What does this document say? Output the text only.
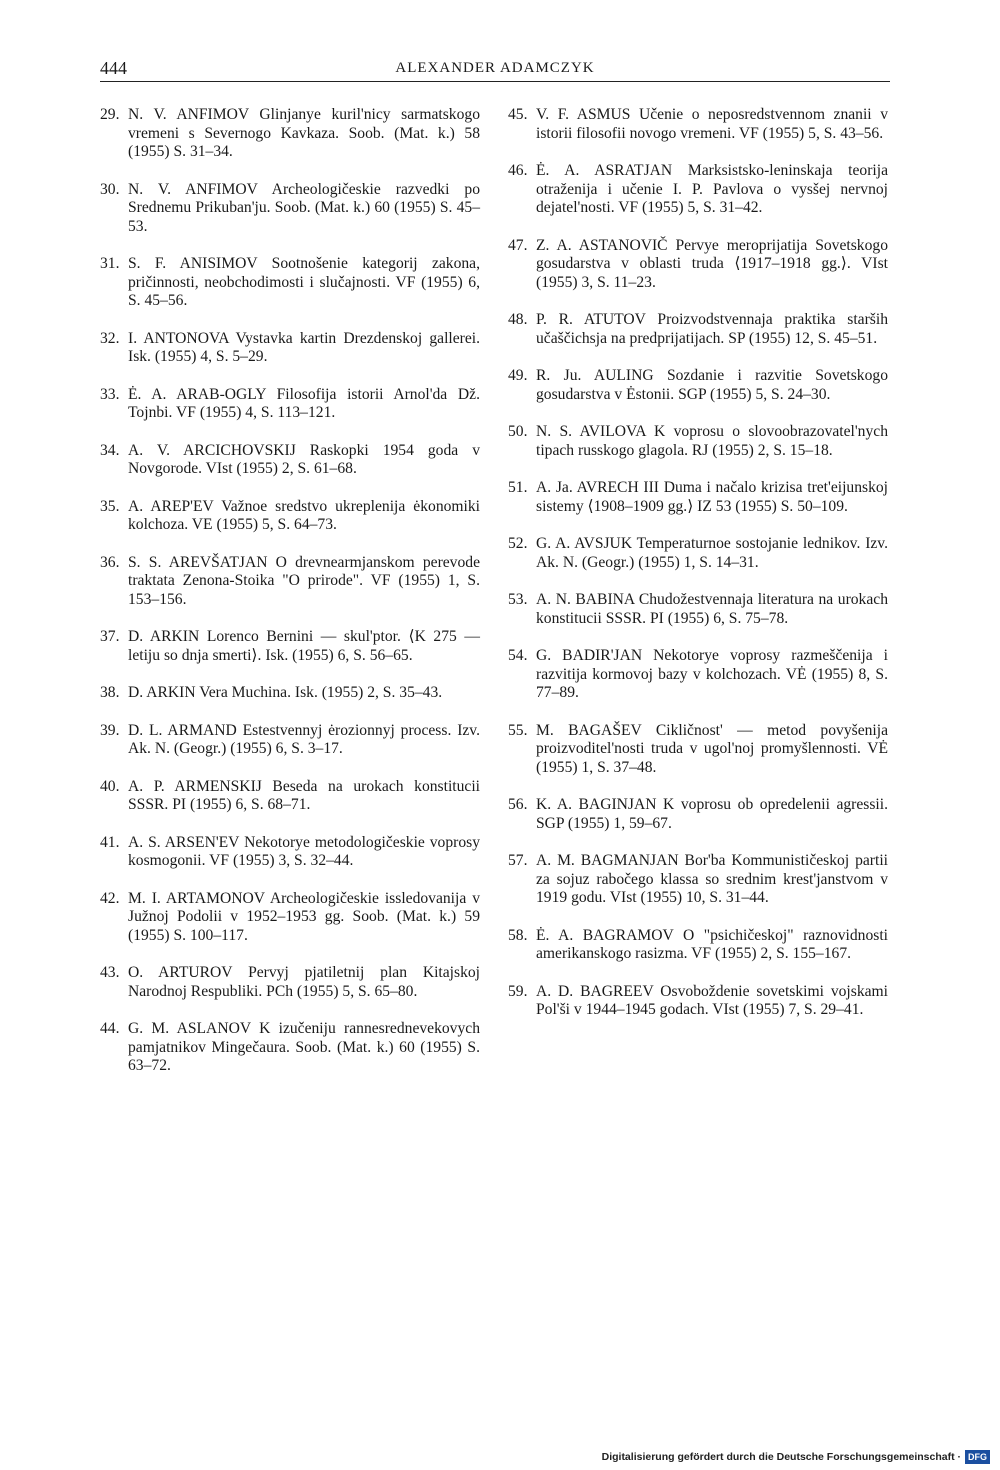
444	ALEXANDER ADAMCZYK

29. N. V. ANFIMOV Glinjanye kuril'nicy sarmatskogo vremeni s Severnogo Kavkaza. Soob. (Mat. k.) 58 (1955) S. 31–34.

30. N. V. ANFIMOV Archeologičeskie razvedki po Srednemu Prikuban'ju. Soob. (Mat. k.) 60 (1955) S. 45–53.

31. S. F. ANISIMOV Sootnošenie kategorij zakona, pričinnosti, neobchodimosti i slučajnosti. VF (1955) 6, S. 45–56.

32. I. ANTONOVA Vystavka kartin Drezdenskoj gallerei. Isk. (1955) 4, S. 5–29.

33. Ė. A. ARAB-OGLY Filosofija istorii Arnol'da Dž. Tojnbi. VF (1955) 4, S. 113–121.

34. A. V. ARCICHOVSKIJ Raskopki 1954 goda v Novgorode. VIst (1955) 2, S. 61–68.

35. A. AREP'EV Važnoe sredstvo ukreplenija ėkonomiki kolchoza. VE (1955) 5, S. 64–73.

36. S. S. AREVŠATJAN O drevnearmjanskom perevode traktata Zenona-Stoika "O prirode". VF (1955) 1, S. 153–156.

37. D. ARKIN Lorenco Bernini — skul'ptor. ⟨K 275 — letiju so dnja smerti⟩. Isk. (1955) 6, S. 56–65.

38. D. ARKIN Vera Muchina. Isk. (1955) 2, S. 35–43.

39. D. L. ARMAND Estestvennyj ėrozionnyj process. Izv. Ak. N. (Geogr.) (1955) 6, S. 3–17.

40. A. P. ARMENSKIJ Beseda na urokach konstitucii SSSR. PI (1955) 6, S. 68–71.

41. A. S. ARSEN'EV Nekotorye metodologičeskie voprosy kosmogonii. VF (1955) 3, S. 32–44.

42. M. I. ARTAMONOV Archeologičeskie issledovanija v Južnoj Podolii v 1952–1953 gg. Soob. (Mat. k.) 59 (1955) S. 100–117.

43. O. ARTUROV Pervyj pjatiletnij plan Kitajskoj Narodnoj Respubliki. PCh (1955) 5, S. 65–80.

44. G. M. ASLANOV K izučeniju rannesrednevekovych pamjatnikov Mingečaura. Soob. (Mat. k.) 60 (1955) S. 63–72.

45. V. F. ASMUS Učenie o neposredstvennom znanii v istorii filosofii novogo vremeni. VF (1955) 5, S. 43–56.

46. Ė. A. ASRATJAN Marksistsko-leninskaja teorija otraženija i učenie I. P. Pavlova o vysšej nervnoj dejatel'nosti. VF (1955) 5, S. 31–42.

47. Z. A. ASTANOVIČ Pervye meroprijatija Sovetskogo gosudarstva v oblasti truda ⟨1917–1918 gg.⟩. VIst (1955) 3, S. 11–23.

48. P. R. ATUTOV Proizvodstvennaja praktika starših učaščichsja na predprijatijach. SP (1955) 12, S. 45–51.

49. R. Ju. AULING Sozdanie i razvitie Sovetskogo gosudarstva v Ėstonii. SGP (1955) 5, S. 24–30.

50. N. S. AVILOVA K voprosu o slovoobrazovatel'nych tipach russkogo glagola. RJ (1955) 2, S. 15–18.

51. A. Ja. AVRECH III Duma i načalo krizisa tret'eijunskoj sistemy ⟨1908–1909 gg.⟩ IZ 53 (1955) S. 50–109.

52. G. A. AVSJUK Temperaturnoe sostojanie lednikov. Izv. Ak. N. (Geogr.) (1955) 1, S. 14–31.

53. A. N. BABINA Chudožestvennaja literatura na urokach konstitucii SSSR. PI (1955) 6, S. 75–78.

54. G. BADIR'JAN Nekotorye voprosy razmeščenija i razvitija kormovoj bazy v kolchozach. VĖ (1955) 8, S. 77–89.

55. M. BAGAŠEV Cikličnost' — metod povyšenija proizvoditel'nosti truda v ugol'noj promyšlennosti. VĖ (1955) 1, S. 37–48.

56. K. A. BAGINJAN K voprosu ob opredelenii agressii. SGP (1955) 1, 59–67.

57. A. M. BAGMANJAN Bor'ba Kommunističeskoj partii za sojuz rabočego klassa so srednim krest'janstvom v 1919 godu. VIst (1955) 10, S. 31–44.

58. Ė. A. BAGRAMOV O "psichičeskoj" raznovidnosti amerikanskogo rasizma. VF (1955) 2, S. 155–167.

59. A. D. BAGREEV Osvoboždenie sovetskimi vojskami Pol'ši v 1944–1945 godach. VIst (1955) 7, S. 29–41.

Digitalisierung gefördert durch die Deutsche Forschungsgemeinschaft · DFG
